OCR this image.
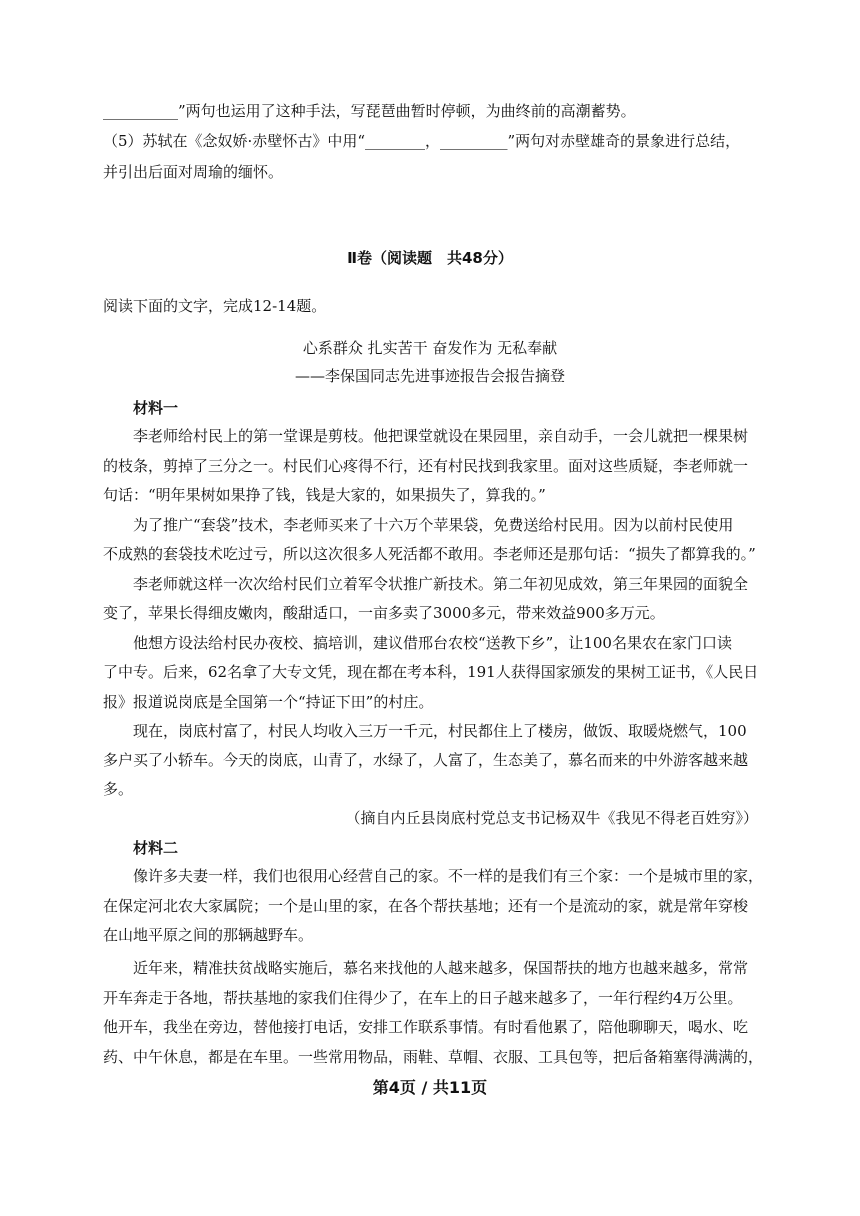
__________”两句也运用了这种手法，写琵琶曲暂时停顿，为曲终前的高潮蓄势。
（5）苏轼在《念奴娇·赤壁怀古》中用“________，_________”两句对赤壁雄奇的景象进行总结，
并引出后面对周瑜的缅怀。
Ⅱ卷（阅读题　共48分）
阅读下面的文字，完成12-14题。
心系群众 扎实苦干 奋发作为 无私奉献
——李保国同志先进事迹报告会报告摘登
材料一
李老师给村民上的第一堂课是剪枝。他把课堂就设在果园里，亲自动手，一会儿就把一棵果树
的枝条，剪掉了三分之一。村民们心疼得不行，还有村民找到我家里。面对这些质疑，李老师就一
句话：“明年果树如果挣了钱，钱是大家的，如果损失了，算我的。”
为了推广“套袋”技术，李老师买来了十六万个苹果袋，免费送给村民用。因为以前村民使用
不成熟的套袋技术吃过亏，所以这次很多人死活都不敢用。李老师还是那句话：“损失了都算我的。”
李老师就这样一次次给村民们立着军令状推广新技术。第二年初见成效，第三年果园的面貌全
变了，苹果长得细皮嫩肉，酸甜适口，一亩多卖了3000多元，带来效益900多万元。
他想方设法给村民办夜校、搞培训，建议借邢台农校“送教下乡”，让100名果农在家门口读
了中专。后来，62名拿了大专文凭，现在都在考本科，191人获得国家颁发的果树工证书，《人民日
报》报道说岗底是全国第一个“持证下田”的村庄。
现在，岗底村富了，村民人均收入三万一千元，村民都住上了楼房，做饭、取暖烧燃气，100
多户买了小轿车。今天的岗底，山青了，水绿了，人富了，生态美了，慕名而来的中外游客越来越
多。
（摘自内丘县岗底村党总支书记杨双牛《我见不得老百姓穷》）
材料二
像许多夫妻一样，我们也很用心经营自己的家。不一样的是我们有三个家：一个是城市里的家，
在保定河北农大家属院；一个是山里的家，在各个帮扶基地；还有一个是流动的家，就是常年穿梭
在山地平原之间的那辆越野车。
近年来，精准扶贫战略实施后，慕名来找他的人越来越多，保国帮扶的地方也越来越多，常常
开车奔走于各地，帮扶基地的家我们住得少了，在车上的日子越来越多了，一年行程约4万公里。
他开车，我坐在旁边，替他接打电话，安排工作联系事情。有时看他累了，陪他聊聊天，喝水、吃
药、中午休息，都是在车里。一些常用物品，雨鞋、草帽、衣服、工具包等，把后备箱塞得满满的，
第4页 / 共11页
